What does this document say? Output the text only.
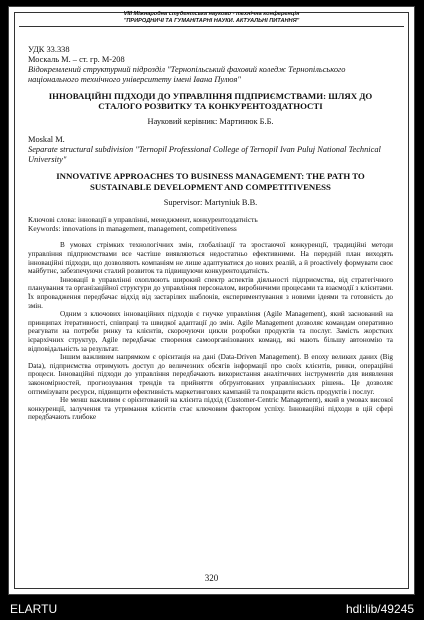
VIII Міжнародна студентська науково - технічна конференція
"ПРИРОДНИЧІ ТА ГУМАНІТАРНІ НАУКИ. АКТУАЛЬНІ ПИТАННЯ"

УДК 33.338

Москаль М. – ст. гр. М-208

Відокремлений структурний підрозділ "Тернопільський фаховий коледж Тернопільського національного технічного університету імені Івана Пулюя"

ІННОВАЦІЙНІ ПІДХОДИ ДО УПРАВЛІННЯ ПІДПРИЄМСТВАМИ: ШЛЯХ ДО СТАЛОГО РОЗВИТКУ ТА КОНКУРЕНТОЗДАТНОСТІ

Науковий керівник: Мартинюк Б.Б.

Moskal M.

Separate structural subdivision "Ternopil Professional College of Ternopil Ivan Puluj National Technical University"

INNOVATIVE APPROACHES TO BUSINESS MANAGEMENT: THE PATH TO SUSTAINABLE DEVELOPMENT AND COMPETITIVENESS

Supervisor: Martyniuk B.B.

Ключові слова: інновації в управлінні, менеджмент, конкурентоздатність

Keywords: innovations in management, management, competitiveness

В умовах стрімких технологічних змін, глобалізації та зростаючої конкуренції, традиційні методи управління підприємствами все частіше виявляються недостатньо ефективними. На передній план виходять інноваційні підходи, що дозволяють компаніям не лише адаптуватися до нових реалій, а й proactively формувати своє майбутнє, забезпечуючи сталий розвиток та підвищуючи конкурентоздатність.

Інновації в управлінні охоплюють широкий спектр аспектів діяльності підприємства, від стратегічного планування та організаційної структури до управління персоналом, виробничими процесами та взаємодії з клієнтами. Їх впровадження передбачає відхід від застарілих шаблонів, експериментування з новими ідеями та готовність до змін.

Одним з ключових інноваційних підходів є гнучке управління (Agile Management), який заснований на принципах ітеративності, співпраці та швидкої адаптації до змін. Agile Management дозволяє командам оперативно реагувати на потреби ринку та клієнтів, скорочуючи цикли розробки продуктів та послуг. Замість жорстких ієрархічних структур, Agile передбачає створення самоорганізованих команд, які мають більшу автономію та відповідальність за результат.

Іншим важливим напрямком є орієнтація на дані (Data-Driven Management). В епоху великих даних (Big Data), підприємства отримують доступ до величезних обсягів інформації про своїх клієнтів, ринки, операційні процеси. Інноваційні підходи до управління передбачають використання аналітичних інструментів для виявлення закономірностей, прогнозування трендів та прийняття обґрунтованих управлінських рішень. Це дозволяє оптимізувати ресурси, підвищити ефективність маркетингових кампаній та покращити якість продуктів і послуг.

Не менш важливим є орієнтований на клієнта підхід (Customer-Centric Management), який в умовах високої конкуренції, залучення та утримання клієнтів стає ключовим фактором успіху. Інноваційні підходи в цій сфері передбачають глибоке

320
ELARTU	hdl:lib/49245
